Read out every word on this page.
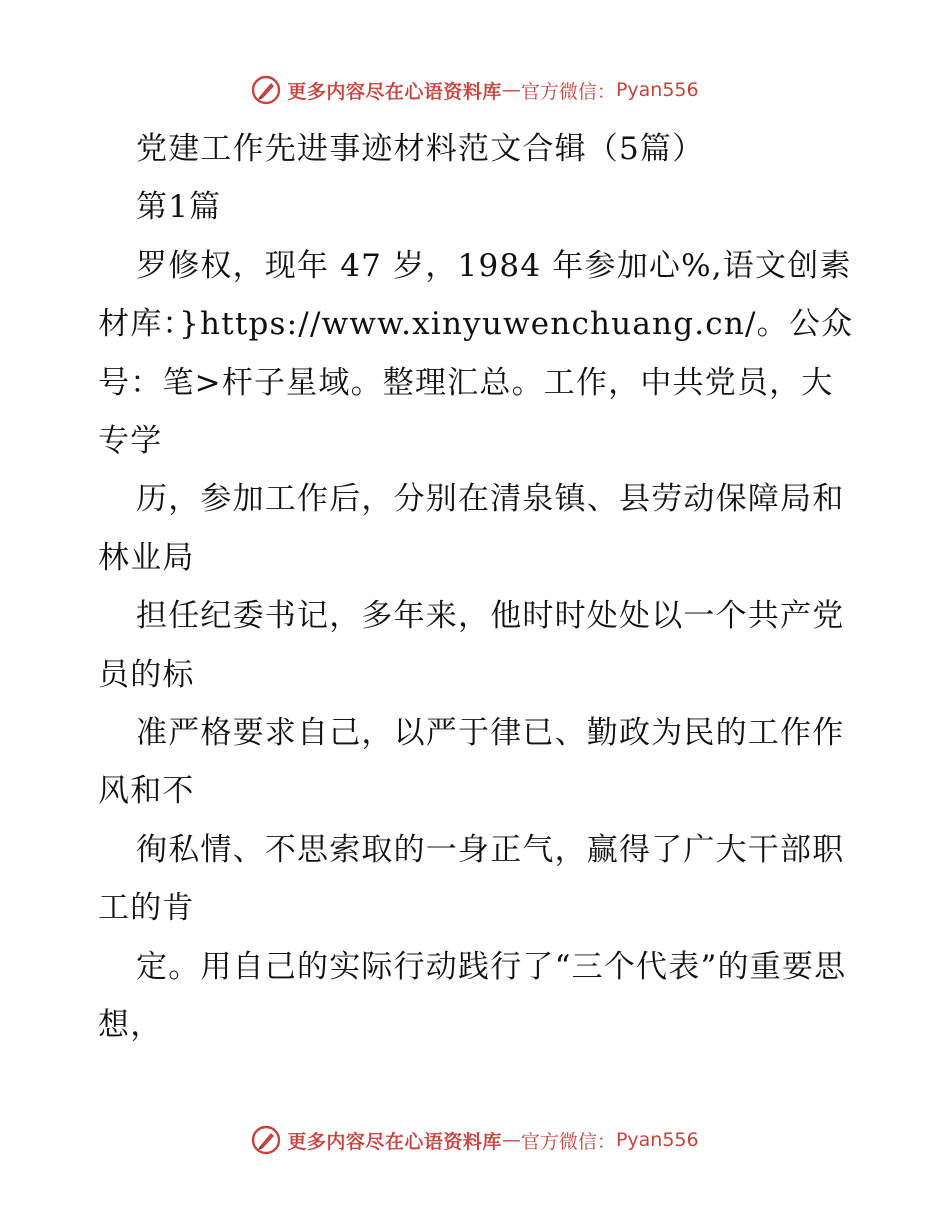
更多内容尽在心语资料库 — 官方微信： Pyan556

党建工作先进事迹材料范文合辑（5篇）

第1篇

罗修权，现年 47 岁，1984 年参加心%,语文创素材库：}https://www.xinyuwenchuang.cn/。公众号：笔>杆子星域。整理汇总。工作，中共党员，大专学

历，参加工作后，分别在清泉镇、县劳动保障局和林业局

担任纪委书记，多年来，他时时处处以一个共产党员的标

准严格要求自己，以严于律已、勤政为民的工作作风和不

徇私情、不思索取的一身正气，赢得了广大干部职工的肯

定。用自己的实际行动践行了“三个代表”的重要思想，

更多内容尽在心语资料库 — 官方微信： Pyan556
